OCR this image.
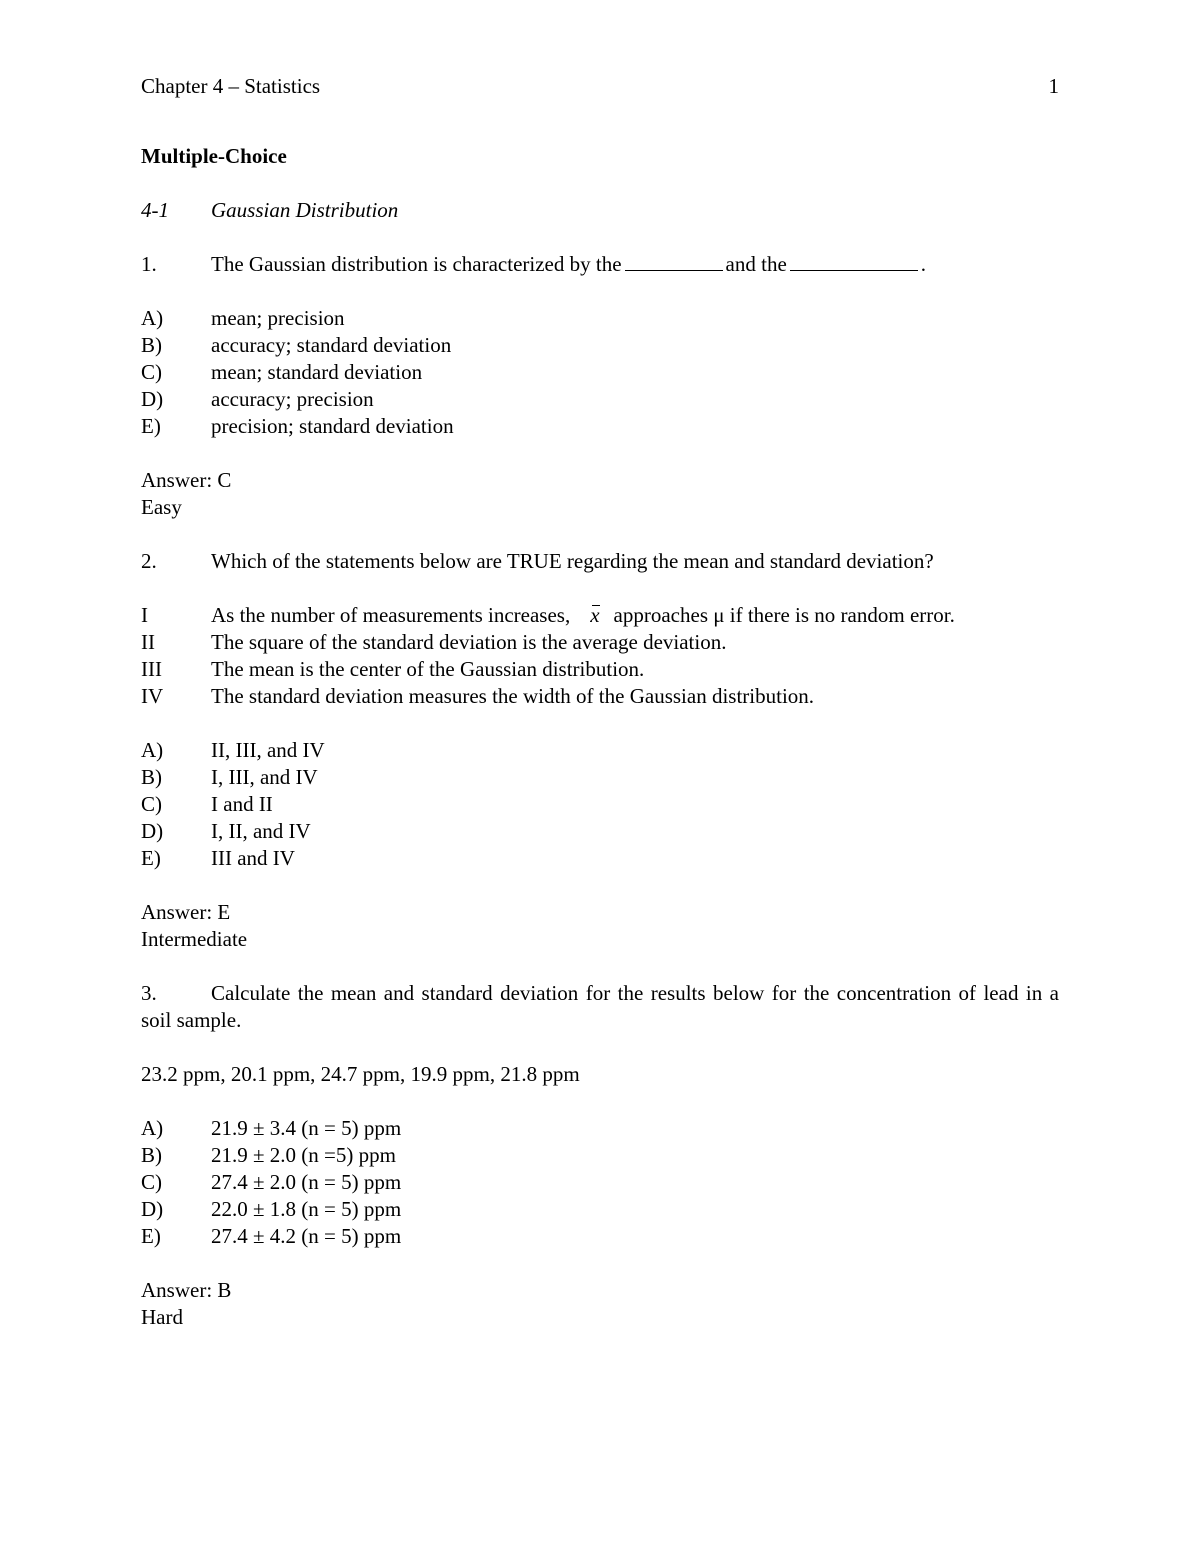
Chapter 4 – Statistics	1
Multiple-Choice
4-1	Gaussian Distribution
1.	The Gaussian distribution is characterized by the	and the	.
A)	mean; precision
B)	accuracy; standard deviation
C)	mean; standard deviation
D)	accuracy; precision
E)	precision; standard deviation
Answer: C
Easy
2.	Which of the statements below are TRUE regarding the mean and standard deviation?
I	As the number of measurements increases, x approaches μ if there is no random error.
II	The square of the standard deviation is the average deviation.
III	The mean is the center of the Gaussian distribution.
IV	The standard deviation measures the width of the Gaussian distribution.
A)	II, III, and IV
B)	I, III, and IV
C)	I and II
D)	I, II, and IV
E)	III and IV
Answer: E
Intermediate
3.	Calculate the mean and standard deviation for the results below for the concentration of lead in a soil sample.
23.2 ppm, 20.1 ppm, 24.7 ppm, 19.9 ppm, 21.8 ppm
A)	21.9 ± 3.4 (n = 5) ppm
B)	21.9 ± 2.0 (n =5) ppm
C)	27.4 ± 2.0 (n = 5) ppm
D)	22.0 ± 1.8 (n = 5) ppm
E)	27.4 ± 4.2 (n = 5) ppm
Answer: B
Hard
